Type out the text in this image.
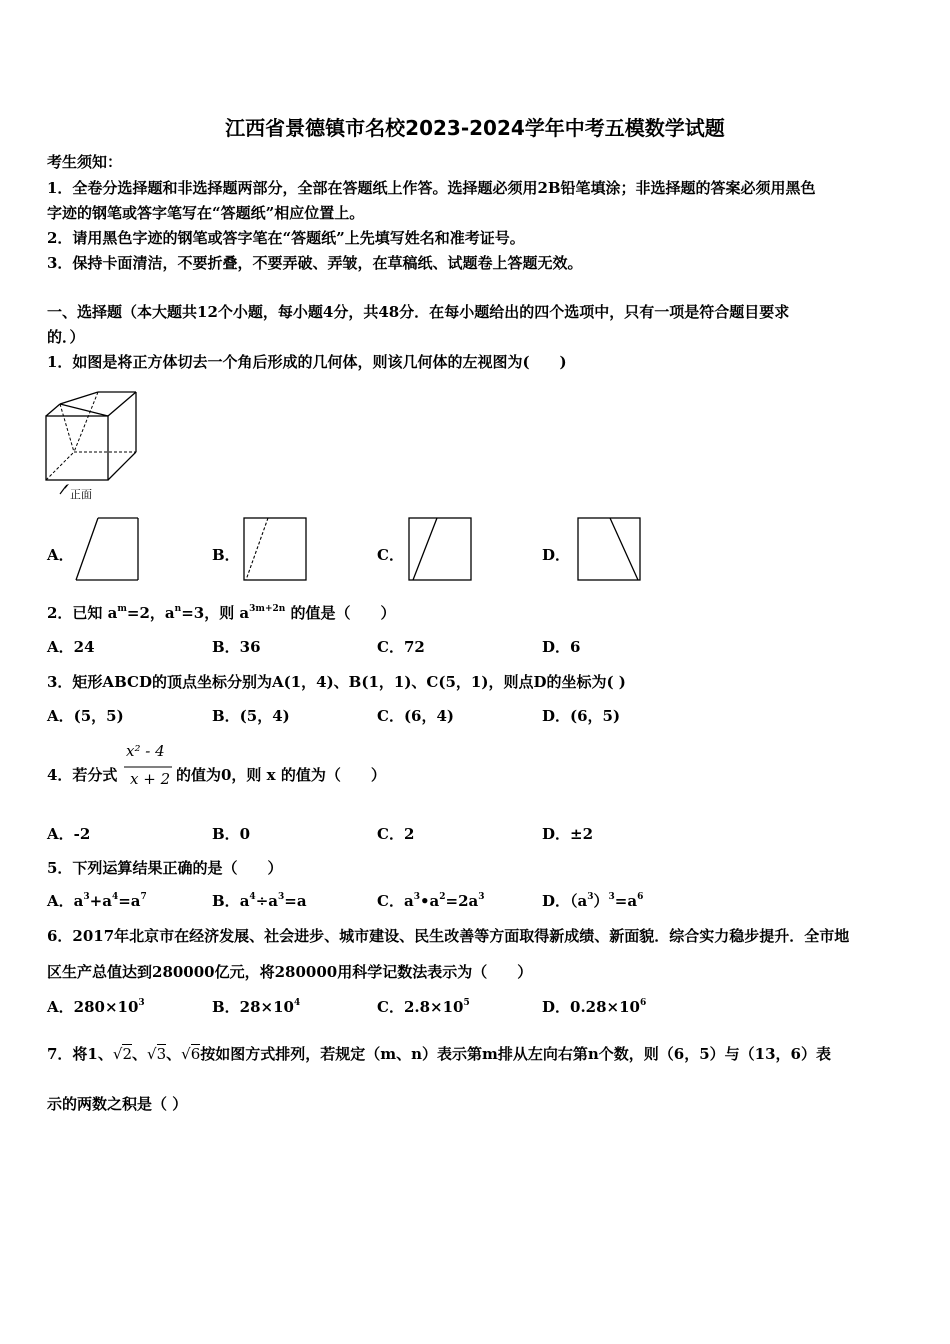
江西省景德镇市名校2023-2024学年中考五模数学试题
考生须知：
1．全卷分选择题和非选择题两部分，全部在答题纸上作答。选择题必须用2B铅笔填涂；非选择题的答案必须用黑色
字迹的钢笔或答字笔写在“答题纸”相应位置上。
2．请用黑色字迹的钢笔或答字笔在“答题纸”上先填写姓名和准考证号。
3．保持卡面清洁，不要折叠，不要弄破、弄皱，在草稿纸、试题卷上答题无效。
一、选择题（本大题共12个小题，每小题4分，共48分．在每小题给出的四个选项中，只有一项是符合题目要求
的．）
1．如图是将正方体切去一个角后形成的几何体，则该几何体的左视图为(　　)
正面
A．	B．	C．	D．
2．已知 $a^m=2$，$a^n=3$，则 $a^{3m+2n}$ 的值是（　　）
A．24	B．36	C．72	D．6
3．矩形ABCD的顶点坐标分别为A(1，4)、B(1，1)、C(5，1)，则点D的坐标为( )
A．(5，5)	B．(5，4)	C．(6，4)	D．(6，5)
4．若分式
x² - 4
x + 2 的值为0，则 x 的值为（　　）
A．-2	B．0	C．2	D．±2
5．下列运算结果正确的是（　　）
A．$a^3+a^4=a^7$	B．$a^4\div a^3=a$	C．$a^3•a^2=2a^3$	D．$(a^3)^3=a^6$
6．2017年北京市在经济发展、社会进步、城市建设、民生改善等方面取得新成绩、新面貌．综合实力稳步提升．全市地
区生产总值达到280000亿元，将280000用科学记数法表示为（　　）
A．$280\times 10^3$	B．$28\times 10^4$	C．$2.8\times 10^5$	D．$0.28\times 10^6$
7．将1、√2、√3、√6按如图方式排列，若规定（m、n）表示第m排从左向右第n个数，则（6，5）与（13，6）表
示的两数之积是（ ）
